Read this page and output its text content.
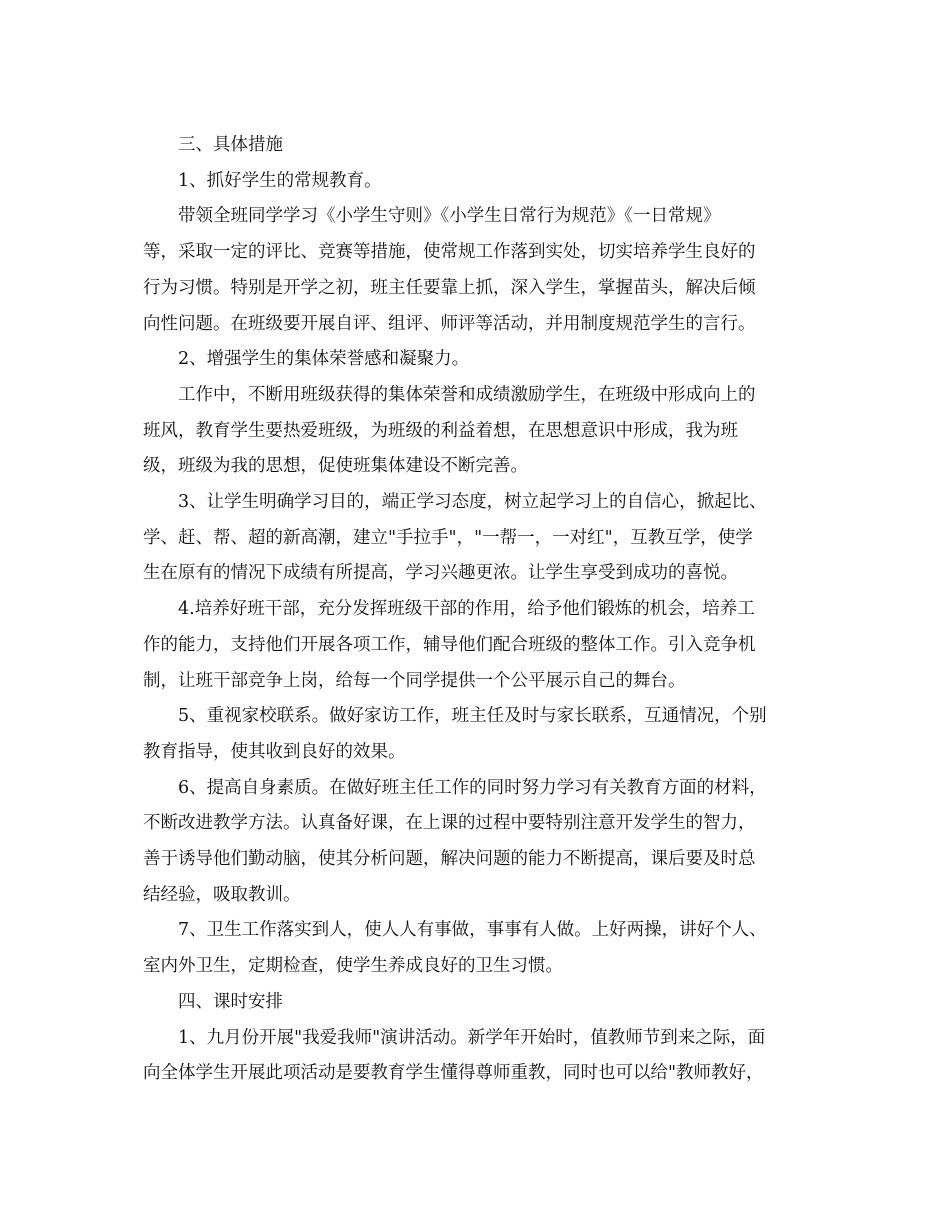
三、具体措施

1、抓好学生的常规教育。

带领全班同学学习《小学生守则》《小学生日常行为规范》《一日常规》
等，采取一定的评比、竞赛等措施，使常规工作落到实处，切实培养学生良好的
行为习惯。特别是开学之初，班主任要靠上抓，深入学生，掌握苗头，解决后倾
向性问题。在班级要开展自评、组评、师评等活动，并用制度规范学生的言行。

2、增强学生的集体荣誉感和凝聚力。

工作中，不断用班级获得的集体荣誉和成绩激励学生，在班级中形成向上的
班风，教育学生要热爱班级，为班级的利益着想，在思想意识中形成，我为班
级，班级为我的思想，促使班集体建设不断完善。

3、让学生明确学习目的，端正学习态度，树立起学习上的自信心，掀起比、
学、赶、帮、超的新高潮，建立"手拉手"，"一帮一，一对红"，互教互学，使学
生在原有的情况下成绩有所提高，学习兴趣更浓。让学生享受到成功的喜悦。

4.培养好班干部，充分发挥班级干部的作用，给予他们锻炼的机会，培养工
作的能力，支持他们开展各项工作，辅导他们配合班级的整体工作。引入竞争机
制，让班干部竞争上岗，给每一个同学提供一个公平展示自己的舞台。

5、重视家校联系。做好家访工作，班主任及时与家长联系，互通情况，个别
教育指导，使其收到良好的效果。

6、提高自身素质。在做好班主任工作的同时努力学习有关教育方面的材料，
不断改进教学方法。认真备好课，在上课的过程中要特别注意开发学生的智力，
善于诱导他们勤动脑，使其分析问题，解决问题的能力不断提高，课后要及时总
结经验，吸取教训。

7、卫生工作落实到人，使人人有事做，事事有人做。上好两操，讲好个人、
室内外卫生，定期检查，使学生养成良好的卫生习惯。

四、课时安排

1、九月份开展"我爱我师"演讲活动。新学年开始时，值教师节到来之际，面
向全体学生开展此项活动是要教育学生懂得尊师重教，同时也可以给"教师教好，
